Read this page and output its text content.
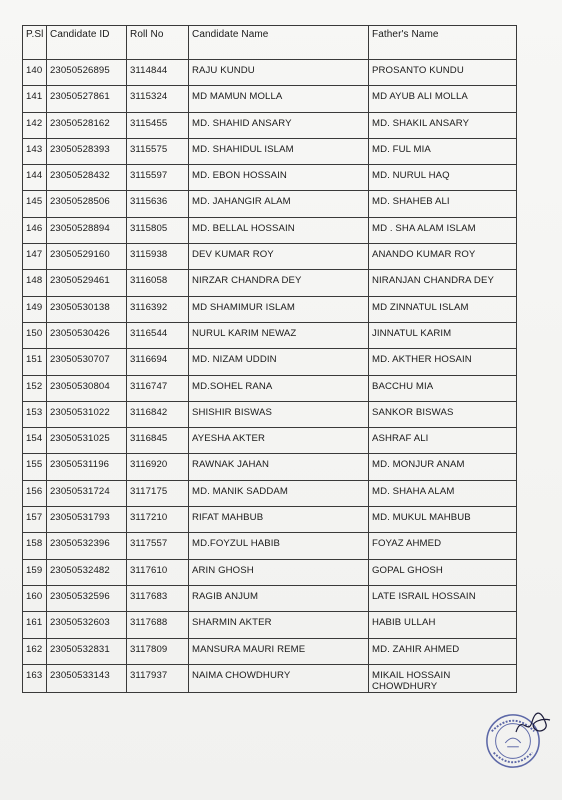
P.Sl	Candidate ID	Roll No	Candidate Name	Father's Name
140	23050526895	3114844	RAJU KUNDU	PROSANTO KUNDU
141	23050527861	3115324	MD MAMUN MOLLA	MD AYUB ALI MOLLA
142	23050528162	3115455	MD. SHAHID ANSARY	MD. SHAKIL ANSARY
143	23050528393	3115575	MD. SHAHIDUL ISLAM	MD. FUL MIA
144	23050528432	3115597	MD. EBON HOSSAIN	MD. NURUL HAQ
145	23050528506	3115636	MD. JAHANGIR ALAM	MD. SHAHEB ALI
146	23050528894	3115805	MD. BELLAL HOSSAIN	MD . SHA ALAM ISLAM
147	23050529160	3115938	DEV KUMAR ROY	ANANDO KUMAR ROY
148	23050529461	3116058	NIRZAR CHANDRA DEY	NIRANJAN CHANDRA DEY
149	23050530138	3116392	MD SHAMIMUR ISLAM	MD ZINNATUL ISLAM
150	23050530426	3116544	NURUL KARIM NEWAZ	JINNATUL KARIM
151	23050530707	3116694	MD. NIZAM UDDIN	MD. AKTHER HOSAIN
152	23050530804	3116747	MD.SOHEL RANA	BACCHU MIA
153	23050531022	3116842	SHISHIR BISWAS	SANKOR BISWAS
154	23050531025	3116845	AYESHA AKTER	ASHRAF ALI
155	23050531196	3116920	RAWNAK JAHAN	MD. MONJUR ANAM
156	23050531724	3117175	MD. MANIK SADDAM	MD. SHAHA ALAM
157	23050531793	3117210	RIFAT MAHBUB	MD. MUKUL MAHBUB
158	23050532396	3117557	MD.FOYZUL HABIB	FOYAZ AHMED
159	23050532482	3117610	ARIN GHOSH	GOPAL GHOSH
160	23050532596	3117683	RAGIB ANJUM	LATE ISRAIL HOSSAIN
161	23050532603	3117688	SHARMIN AKTER	HABIB ULLAH
162	23050532831	3117809	MANSURA MAURI REME	MD. ZAHIR AHMED
163	23050533143	3117937	NAIMA CHOWDHURY	MIKAIL HOSSAIN CHOWDHURY
